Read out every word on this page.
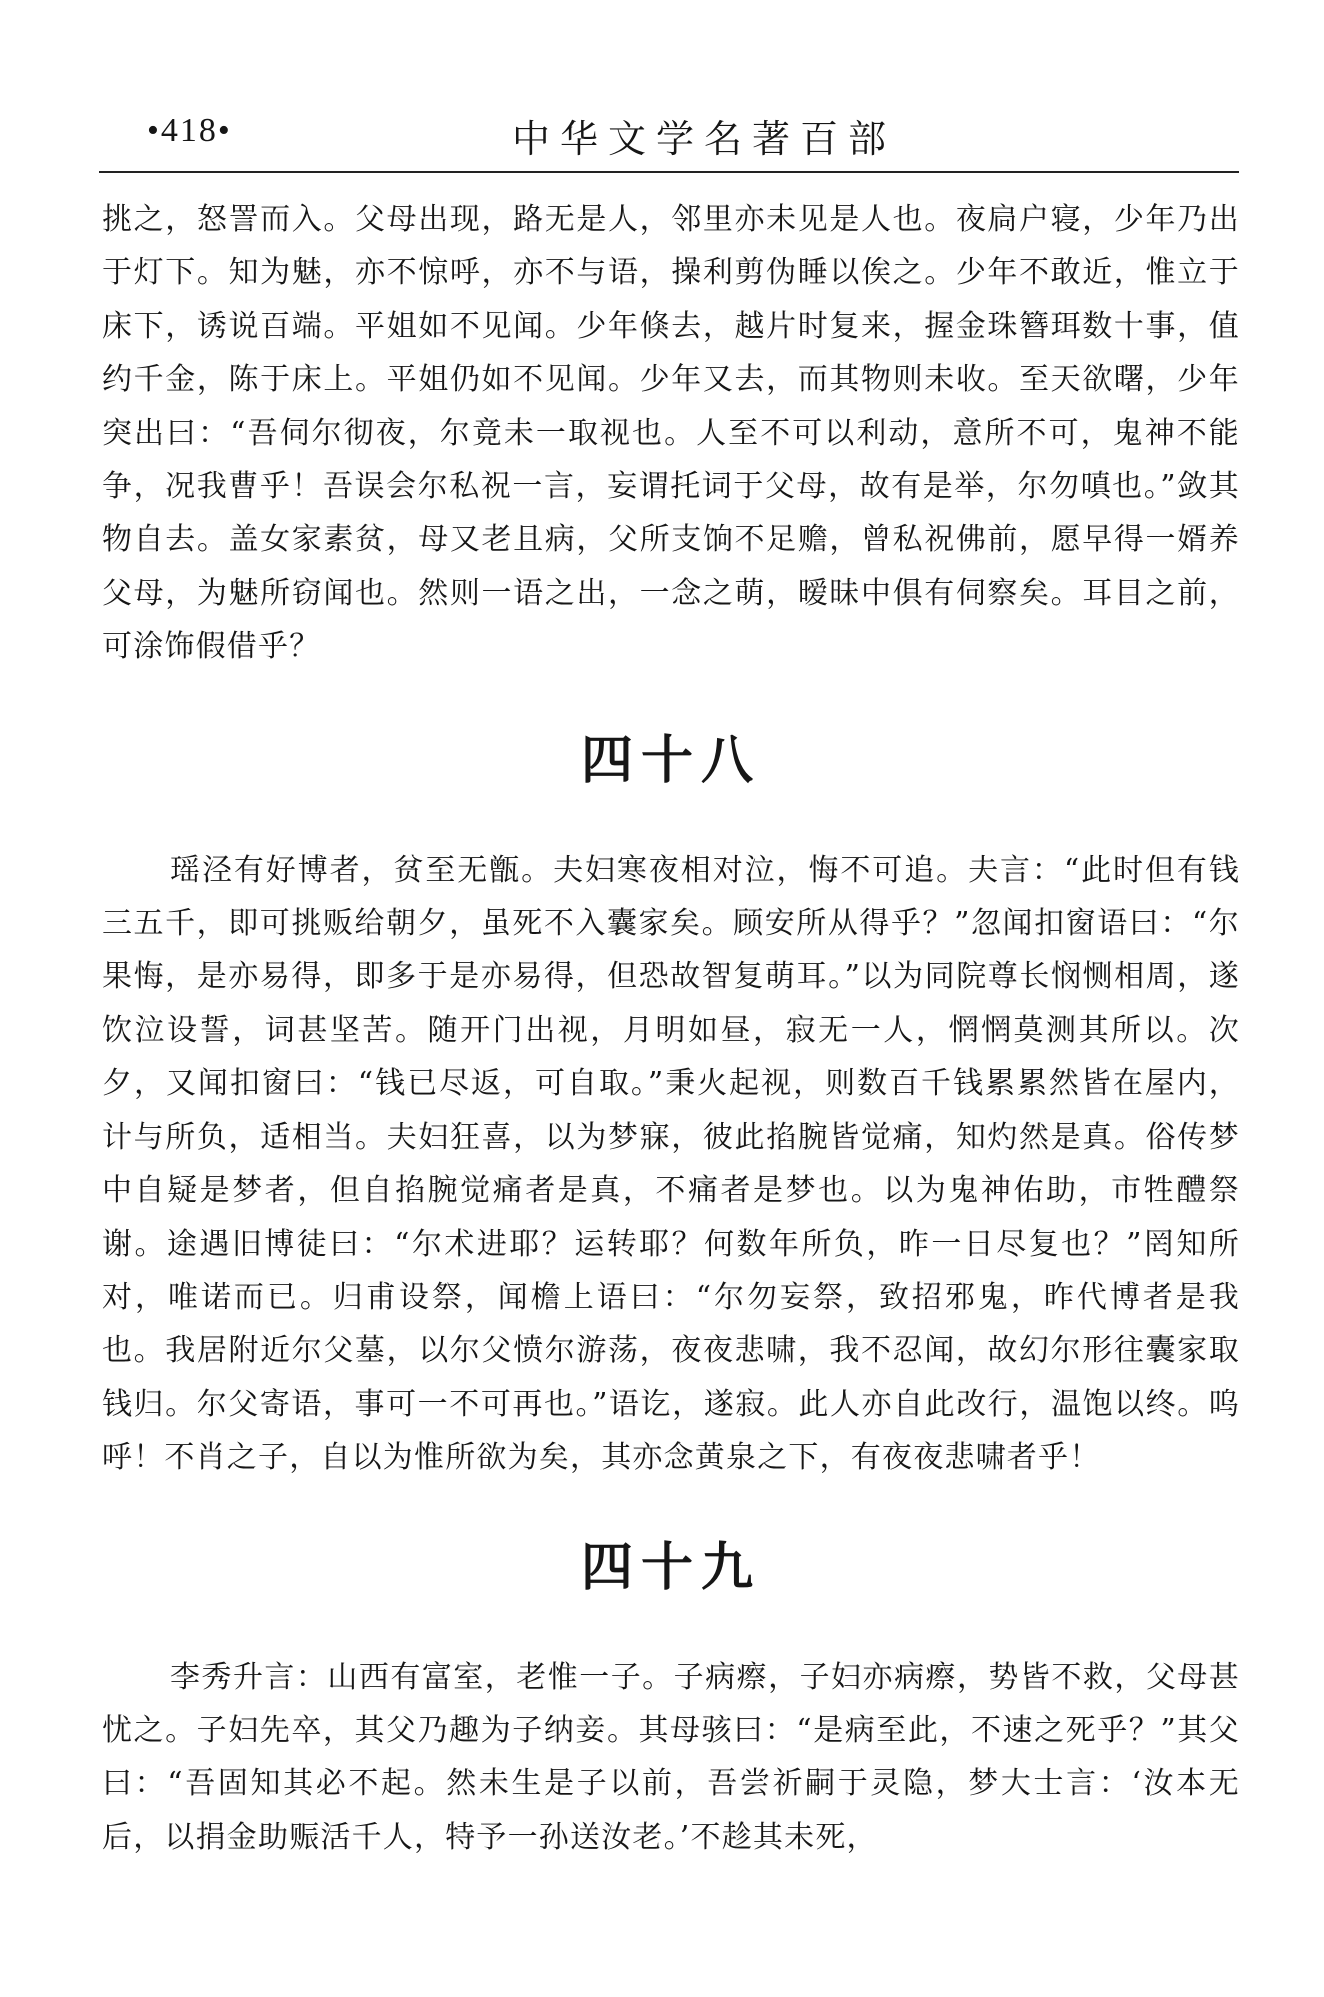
•418•	中华文学名著百部

挑之，怒詈而入。父母出现，路无是人，邻里亦未见是人也。夜扃户寝，少年乃出于灯下。知为魅，亦不惊呼，亦不与语，操利剪伪睡以俟之。少年不敢近，惟立于床下，诱说百端。平姐如不见闻。少年倏去，越片时复来，握金珠簪珥数十事，值约千金，陈于床上。平姐仍如不见闻。少年又去，而其物则未收。至天欲曙，少年突出曰：“吾伺尔彻夜，尔竟未一取视也。人至不可以利动，意所不可，鬼神不能争，况我曹乎！吾误会尔私祝一言，妄谓托词于父母，故有是举，尔勿嗔也。”敛其物自去。盖女家素贫，母又老且病，父所支饷不足赡，曾私祝佛前，愿早得一婿养父母，为魅所窃闻也。然则一语之出，一念之萌，暧昧中俱有伺察矣。耳目之前，可涂饰假借乎？

四十八

瑶泾有好博者，贫至无甑。夫妇寒夜相对泣，悔不可追。夫言：“此时但有钱三五千，即可挑贩给朝夕，虽死不入囊家矣。顾安所从得乎？”忽闻扣窗语曰：“尔果悔，是亦易得，即多于是亦易得，但恐故智复萌耳。”以为同院尊长悯恻相周，遂饮泣设誓，词甚坚苦。随开门出视，月明如昼，寂无一人，惘惘莫测其所以。次夕，又闻扣窗曰：“钱已尽返，可自取。”秉火起视，则数百千钱累累然皆在屋内，计与所负，适相当。夫妇狂喜，以为梦寐，彼此掐腕皆觉痛，知灼然是真。俗传梦中自疑是梦者，但自掐腕觉痛者是真，不痛者是梦也。以为鬼神佑助，市牲醴祭谢。途遇旧博徒曰：“尔术进耶？运转耶？何数年所负，昨一日尽复也？”罔知所对，唯诺而已。归甫设祭，闻檐上语曰：“尔勿妄祭，致招邪鬼，昨代博者是我也。我居附近尔父墓，以尔父愤尔游荡，夜夜悲啸，我不忍闻，故幻尔形往囊家取钱归。尔父寄语，事可一不可再也。”语讫，遂寂。此人亦自此改行，温饱以终。呜呼！不肖之子，自以为惟所欲为矣，其亦念黄泉之下，有夜夜悲啸者乎！

四十九

李秀升言：山西有富室，老惟一子。子病瘵，子妇亦病瘵，势皆不救，父母甚忧之。子妇先卒，其父乃趣为子纳妾。其母骇曰：“是病至此，不速之死乎？”其父曰：“吾固知其必不起。然未生是子以前，吾尝祈嗣于灵隐，梦大士言：‘汝本无后，以捐金助赈活千人，特予一孙送汝老。’不趁其未死，
